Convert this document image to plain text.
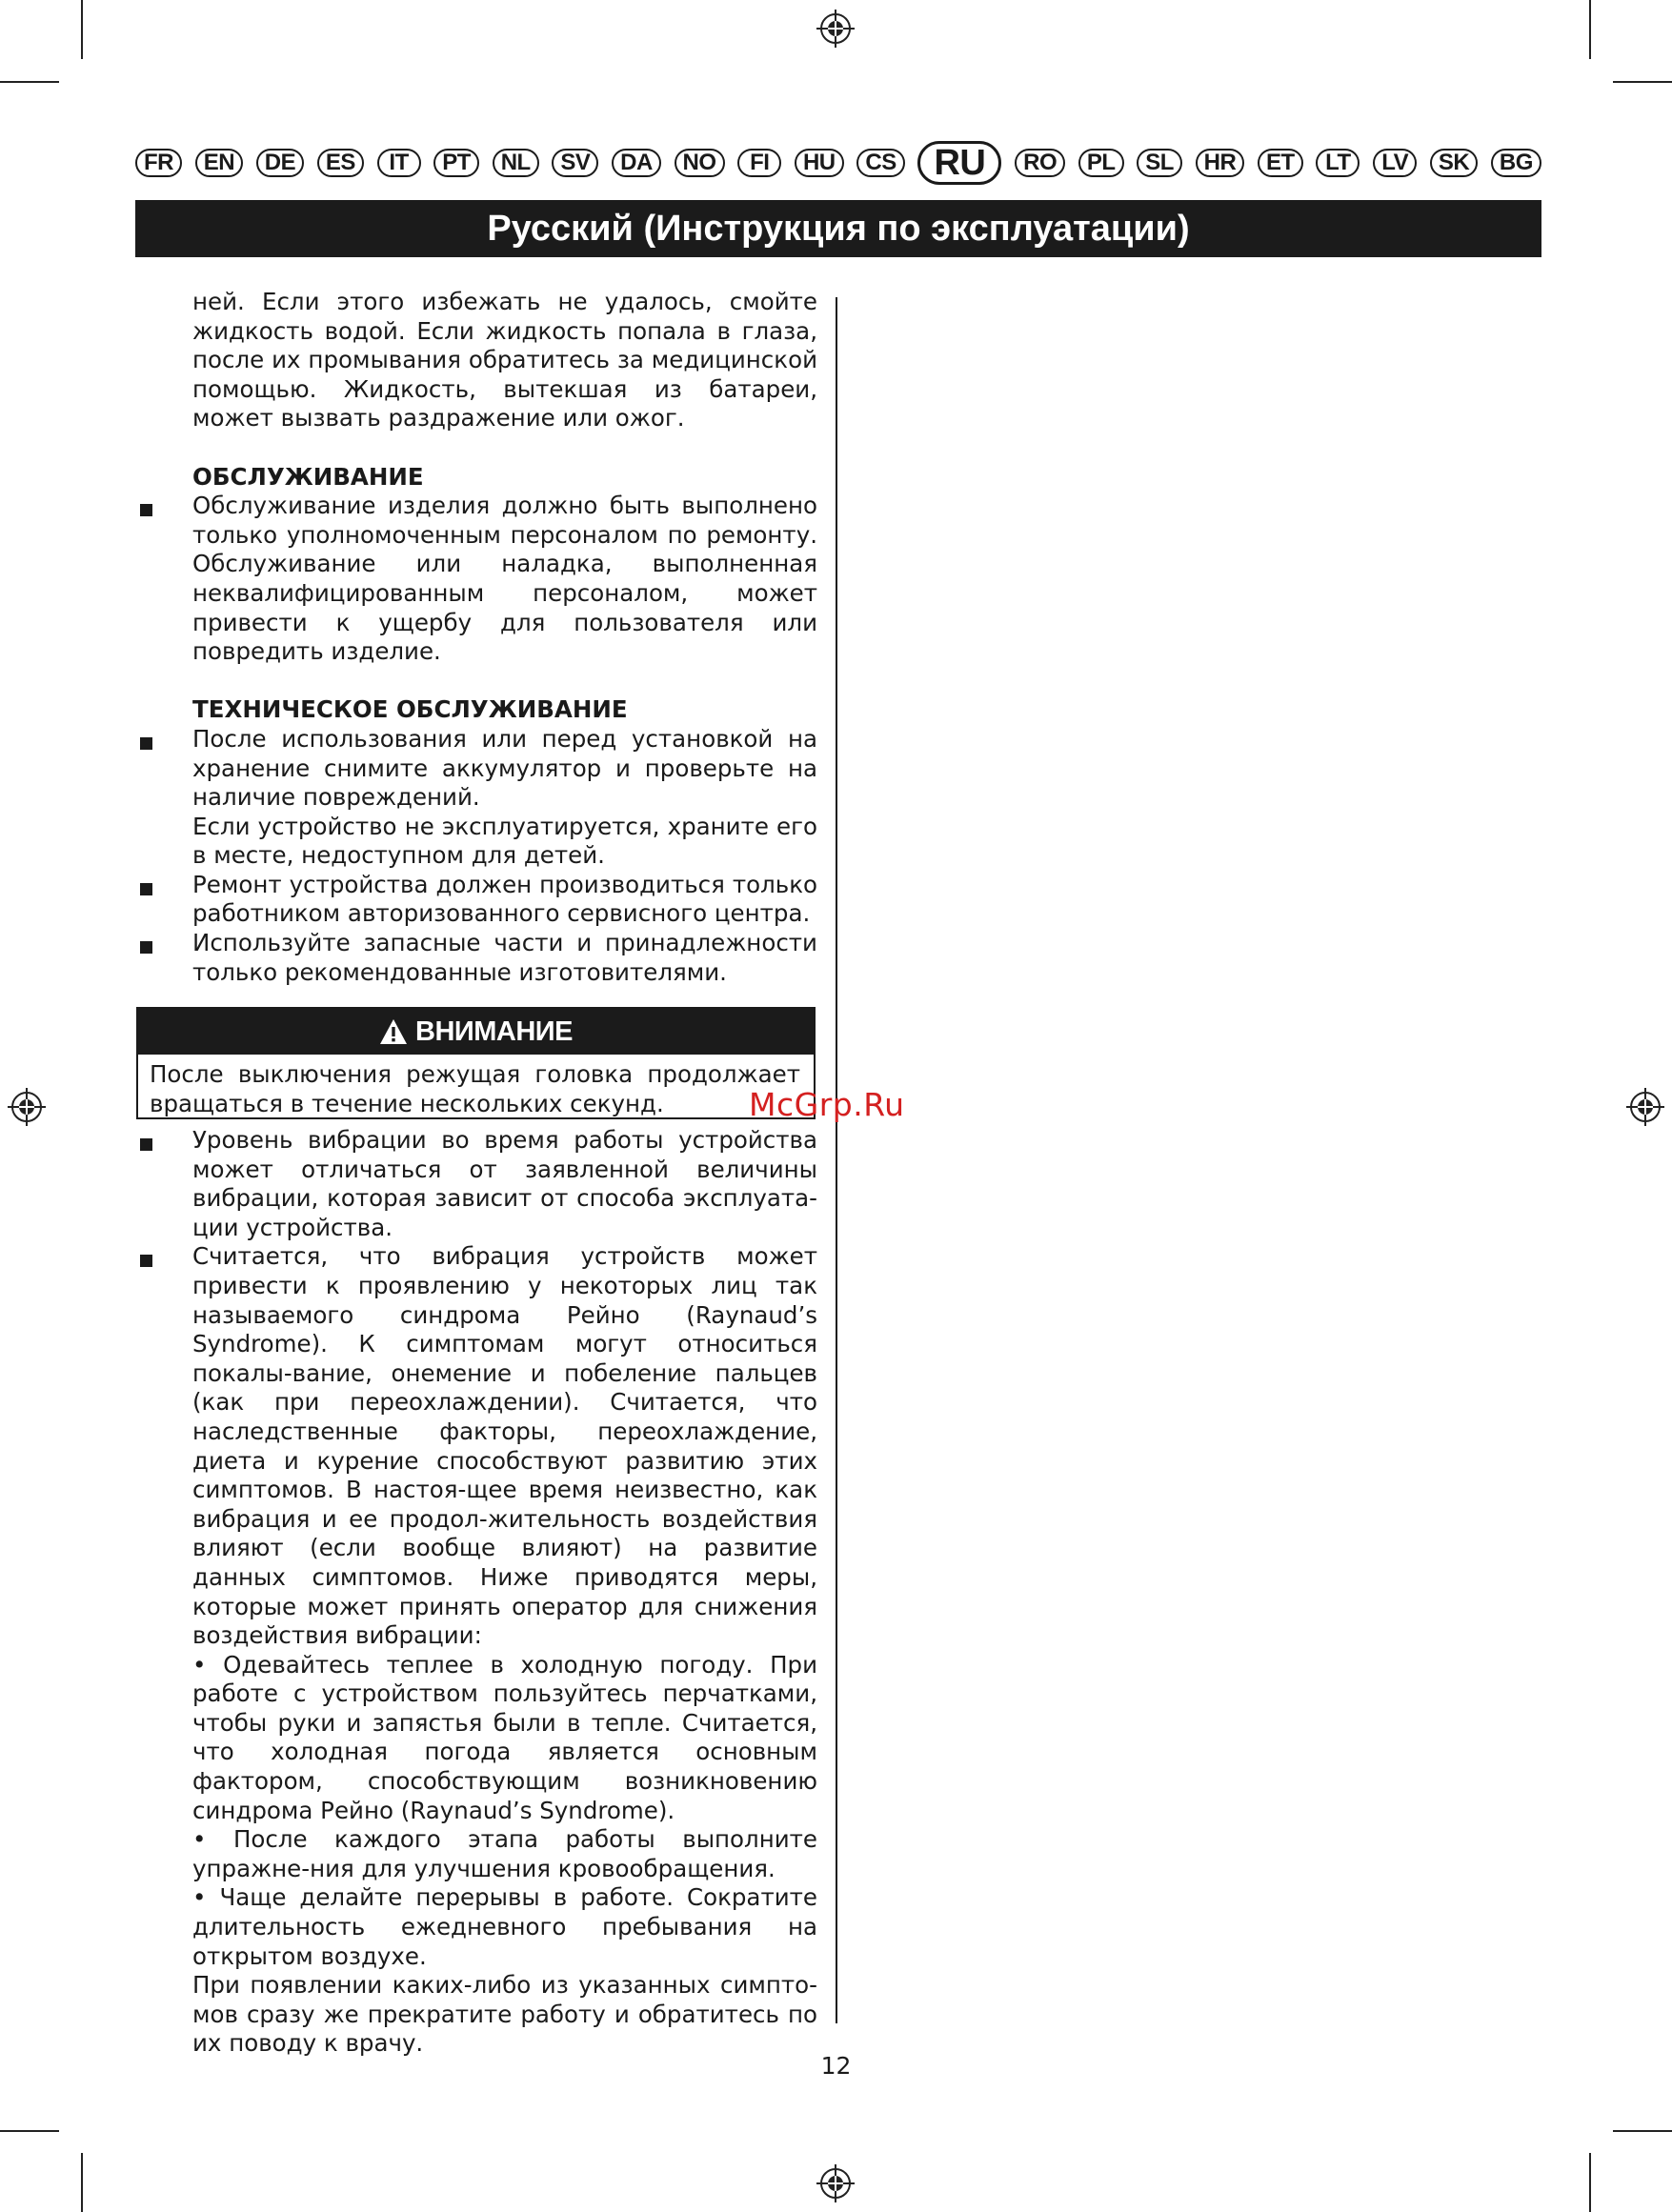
FR	EN	DE	ES	IT	PT	NL	SV	DA	NO	FI	HU	CS	RU	RO	PL	SL	HR	ET	LT	LV	SK	BG
Русский (Инструкция по эксплуатации)

ней. Если этого избежать не удалось, смойте жидкость водой. Если жидкость попала в глаза, после их промывания обратитесь за медицинской помощью. Жидкость, вытекшая из батареи, может вызвать раздражение или ожог.

ОБСЛУЖИВАНИЕ

Обслуживание изделия должно быть выполнено только уполномоченным персоналом по ремонту. Обслуживание или наладка, выполненная неквалифицированным персоналом, может привести к ущербу для пользователя или повредить изделие.

ТЕХНИЧЕСКОЕ ОБСЛУЖИВАНИЕ

После использования или перед установкой на хранение снимите аккумулятор и проверьте на наличие повреждений.

Если устройство не эксплуатируется, храните его в месте, недоступном для детей.

Ремонт устройства должен производиться только работником авторизованного сервисного центра.

Используйте запасные части и принадлежности только рекомендованные изготовителями.

ВНИМАНИЕ
После выключения режущая головка продолжает вращаться в течение нескольких секунд.

Уровень вибрации во время работы устройства может отличаться от заявленной величины вибрации, которая зависит от способа эксплуата-ции устройства.

Считается, что вибрация устройств может привести к проявлению у некоторых лиц так называемого синдрома Рейно (Raynaud’s Syndrome). К симптомам могут относиться покалы-вание, онемение и побеление пальцев (как при переохлаждении). Считается, что наследственные факторы, переохлаждение, диета и курение способствуют развитию этих симптомов. В настоя-щее время неизвестно, как вибрация и ее продол-жительность воздействия влияют (если вообще влияют) на развитие данных симптомов. Ниже приводятся меры, которые может принять оператор для снижения воздействия вибрации:

• Одевайтесь теплее в холодную погоду. При работе с устройством пользуйтесь перчатками, чтобы руки и запястья были в тепле. Считается, что холодная погода является основным фактором, способствующим возникновению синдрома Рейно (Raynaud’s Syndrome).

• После каждого этапа работы выполните упражне-ния для улучшения кровообращения.

• Чаще делайте перерывы в работе. Сократите длительность ежедневного пребывания на открытом воздухе.

При появлении каких-либо из указанных симпто-мов сразу же прекратите работу и обратитесь по их поводу к врачу.

McGrp.Ru
12
